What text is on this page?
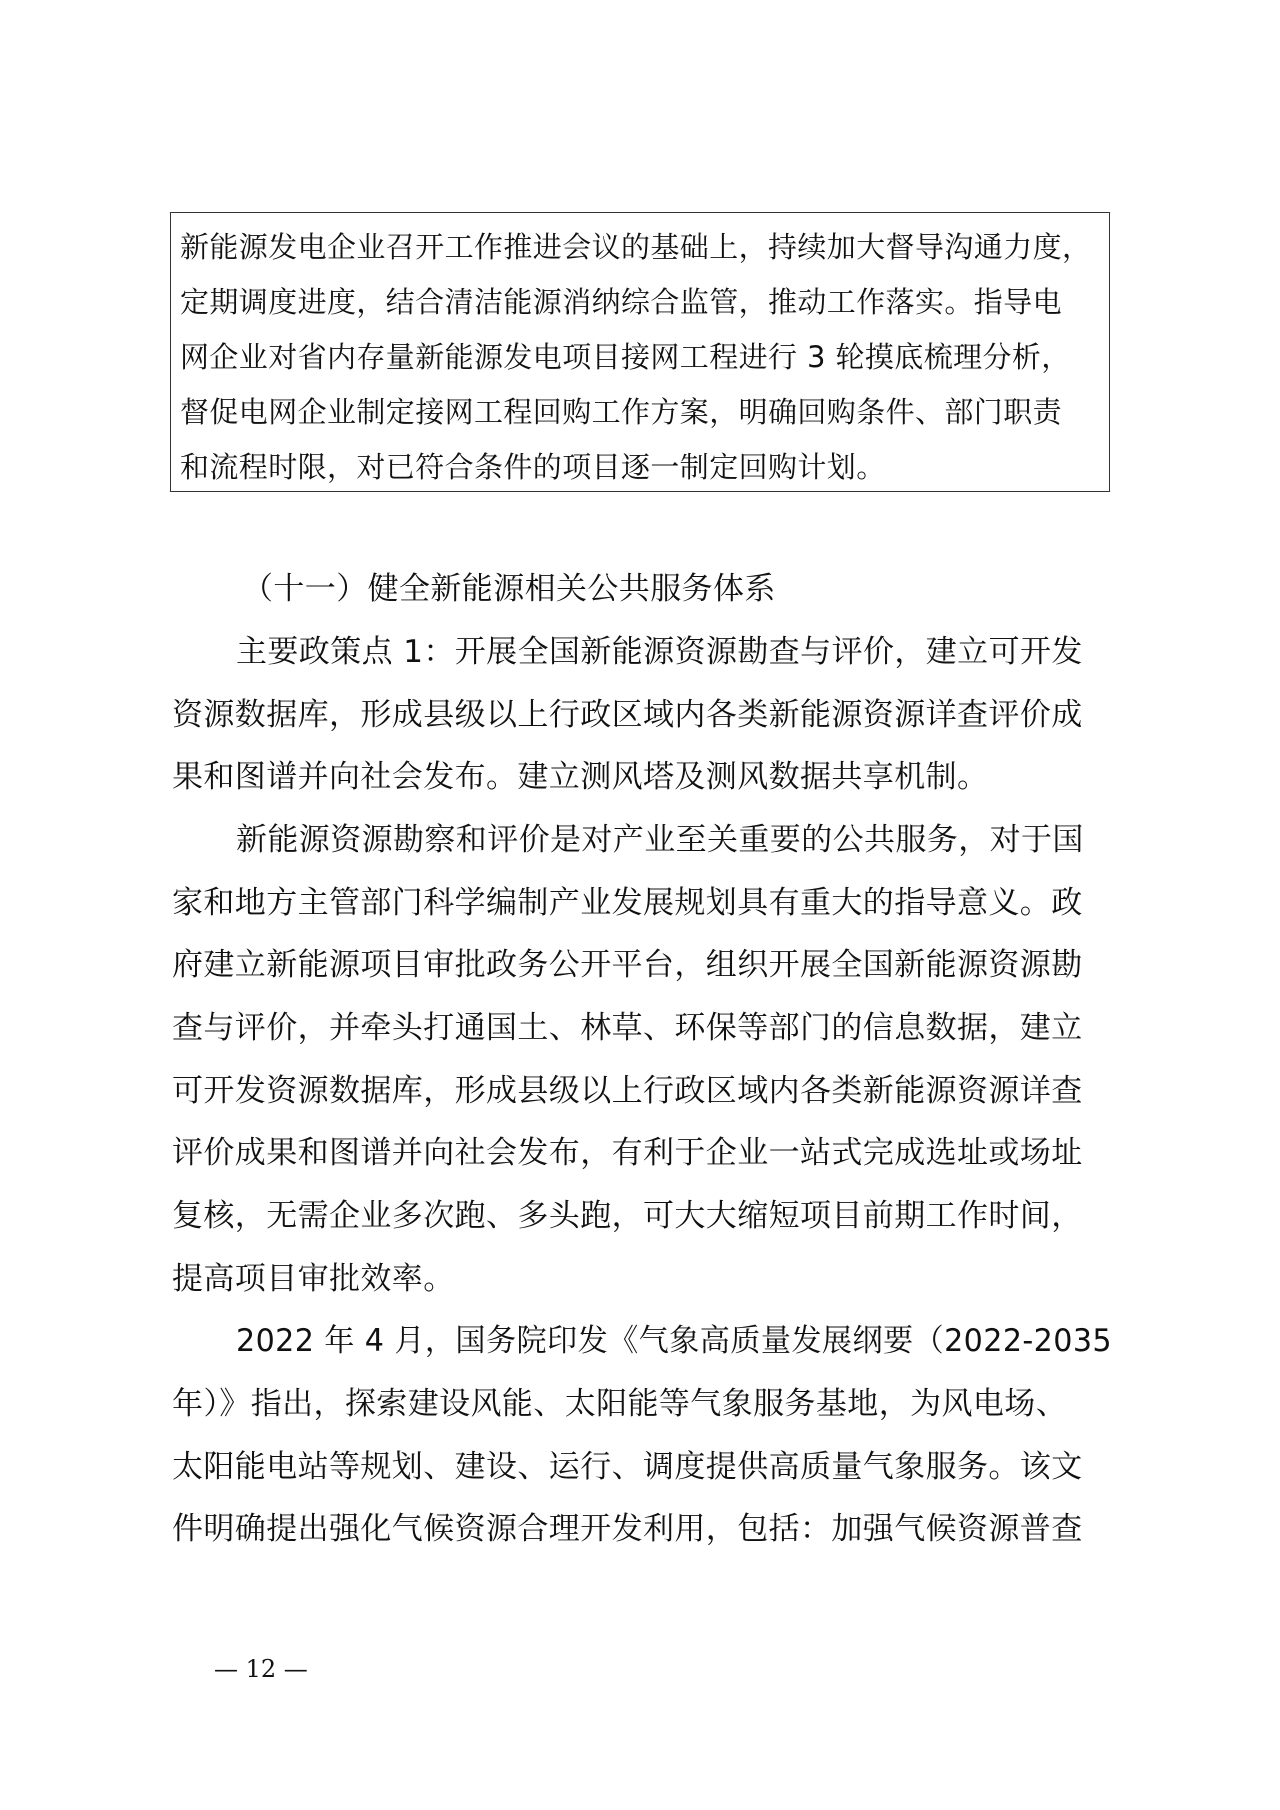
新能源发电企业召开工作推进会议的基础上，持续加大督导沟通力度，
定期调度进度，结合清洁能源消纳综合监管，推动工作落实。指导电
网企业对省内存量新能源发电项目接网工程进行 3 轮摸底梳理分析，
督促电网企业制定接网工程回购工作方案，明确回购条件、部门职责
和流程时限，对已符合条件的项目逐一制定回购计划。
（十一）健全新能源相关公共服务体系
主要政策点 1：开展全国新能源资源勘查与评价，建立可开发
资源数据库，形成县级以上行政区域内各类新能源资源详查评价成
果和图谱并向社会发布。建立测风塔及测风数据共享机制。
新能源资源勘察和评价是对产业至关重要的公共服务，对于国
家和地方主管部门科学编制产业发展规划具有重大的指导意义。政
府建立新能源项目审批政务公开平台，组织开展全国新能源资源勘
查与评价，并牵头打通国土、林草、环保等部门的信息数据，建立
可开发资源数据库，形成县级以上行政区域内各类新能源资源详查
评价成果和图谱并向社会发布，有利于企业一站式完成选址或场址
复核，无需企业多次跑、多头跑，可大大缩短项目前期工作时间，
提高项目审批效率。
2022 年 4 月，国务院印发《气象高质量发展纲要（2022-2035
年）》指出，探索建设风能、太阳能等气象服务基地，为风电场、
太阳能电站等规划、建设、运行、调度提供高质量气象服务。该文
件明确提出强化气候资源合理开发利用，包括：加强气候资源普查
— 12 —
